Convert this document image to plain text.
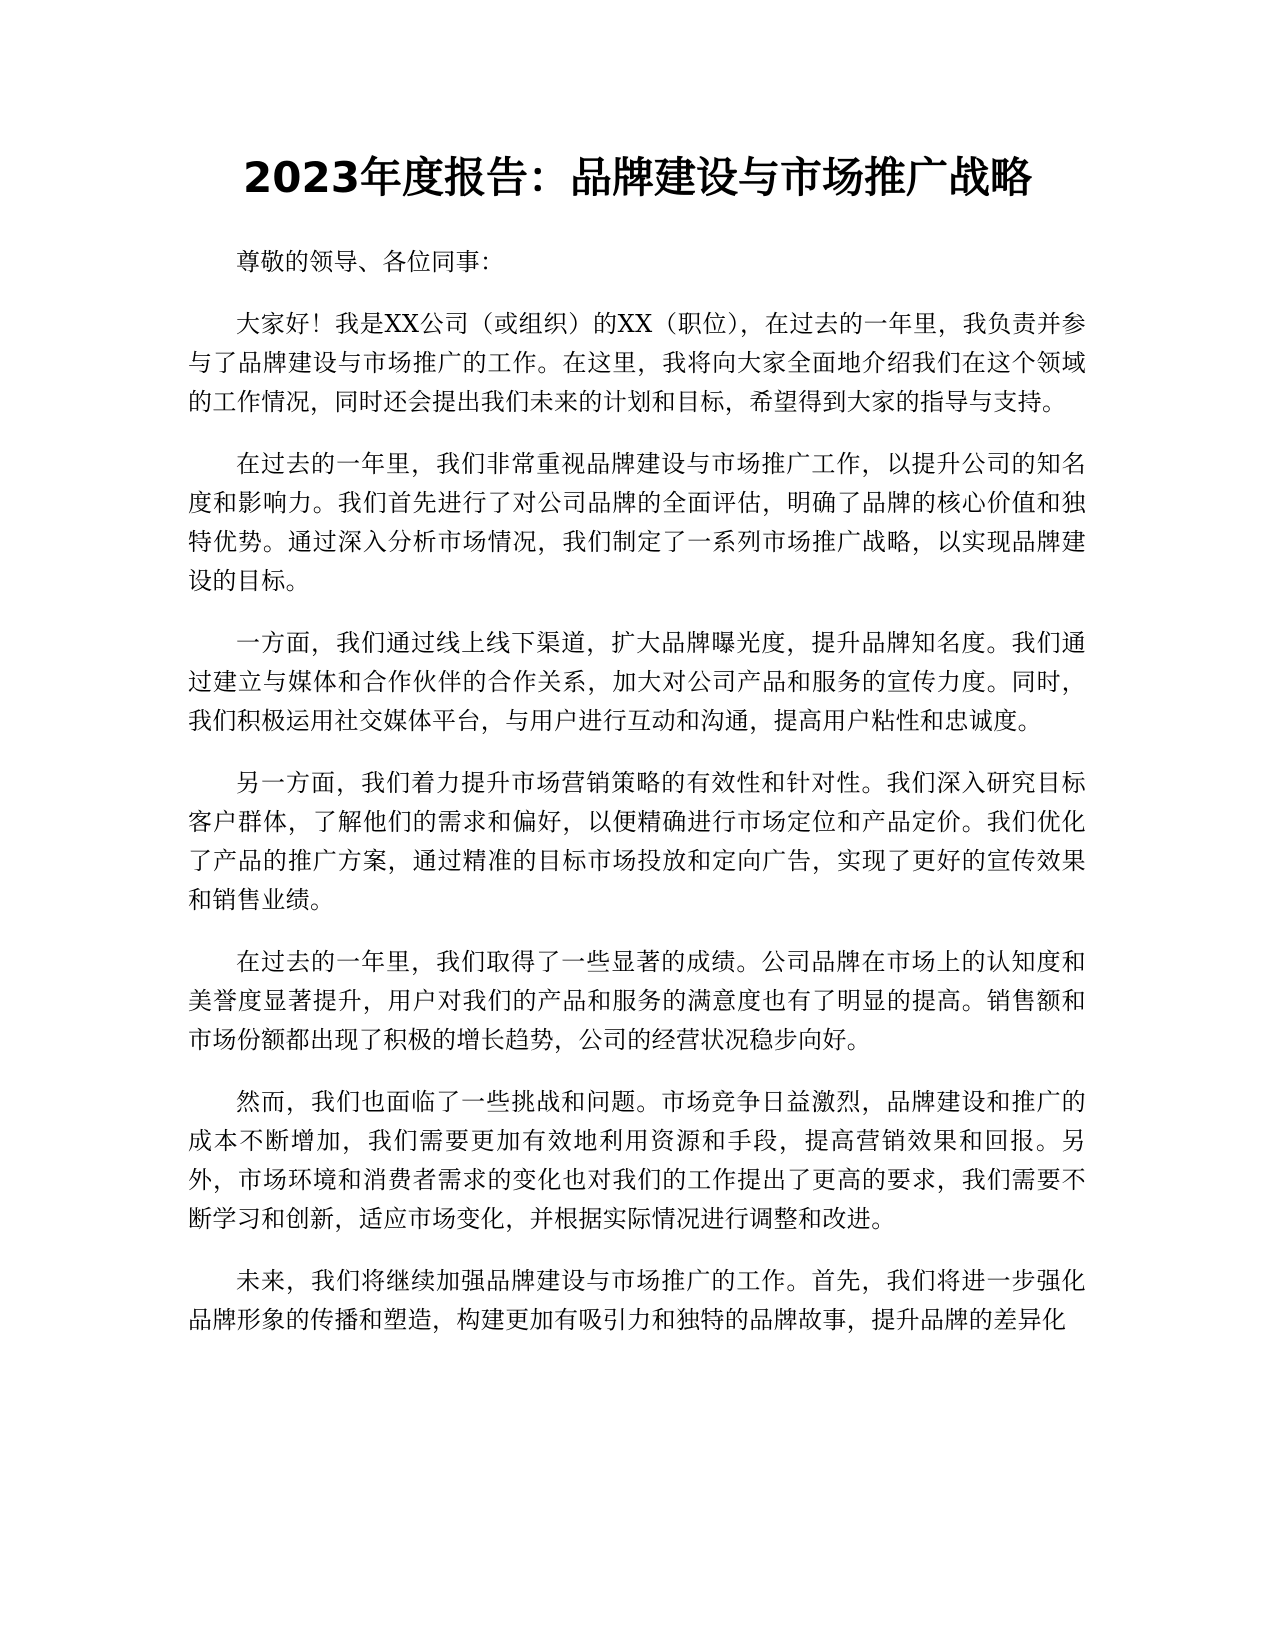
2023年度报告：品牌建设与市场推广战略

尊敬的领导、各位同事：

大家好！我是XX公司（或组织）的XX（职位），在过去的一年里，我负责并参与了品牌建设与市场推广的工作。在这里，我将向大家全面地介绍我们在这个领域的工作情况，同时还会提出我们未来的计划和目标，希望得到大家的指导与支持。

在过去的一年里，我们非常重视品牌建设与市场推广工作，以提升公司的知名度和影响力。我们首先进行了对公司品牌的全面评估，明确了品牌的核心价值和独特优势。通过深入分析市场情况，我们制定了一系列市场推广战略，以实现品牌建设的目标。

一方面，我们通过线上线下渠道，扩大品牌曝光度，提升品牌知名度。我们通过建立与媒体和合作伙伴的合作关系，加大对公司产品和服务的宣传力度。同时，我们积极运用社交媒体平台，与用户进行互动和沟通，提高用户粘性和忠诚度。

另一方面，我们着力提升市场营销策略的有效性和针对性。我们深入研究目标客户群体，了解他们的需求和偏好，以便精确进行市场定位和产品定价。我们优化了产品的推广方案，通过精准的目标市场投放和定向广告，实现了更好的宣传效果和销售业绩。

在过去的一年里，我们取得了一些显著的成绩。公司品牌在市场上的认知度和美誉度显著提升，用户对我们的产品和服务的满意度也有了明显的提高。销售额和市场份额都出现了积极的增长趋势，公司的经营状况稳步向好。

然而，我们也面临了一些挑战和问题。市场竞争日益激烈，品牌建设和推广的成本不断增加，我们需要更加有效地利用资源和手段，提高营销效果和回报。另外，市场环境和消费者需求的变化也对我们的工作提出了更高的要求，我们需要不断学习和创新，适应市场变化，并根据实际情况进行调整和改进。

未来，我们将继续加强品牌建设与市场推广的工作。首先，我们将进一步强化品牌形象的传播和塑造，构建更加有吸引力和独特的品牌故事，提升品牌的差异化
